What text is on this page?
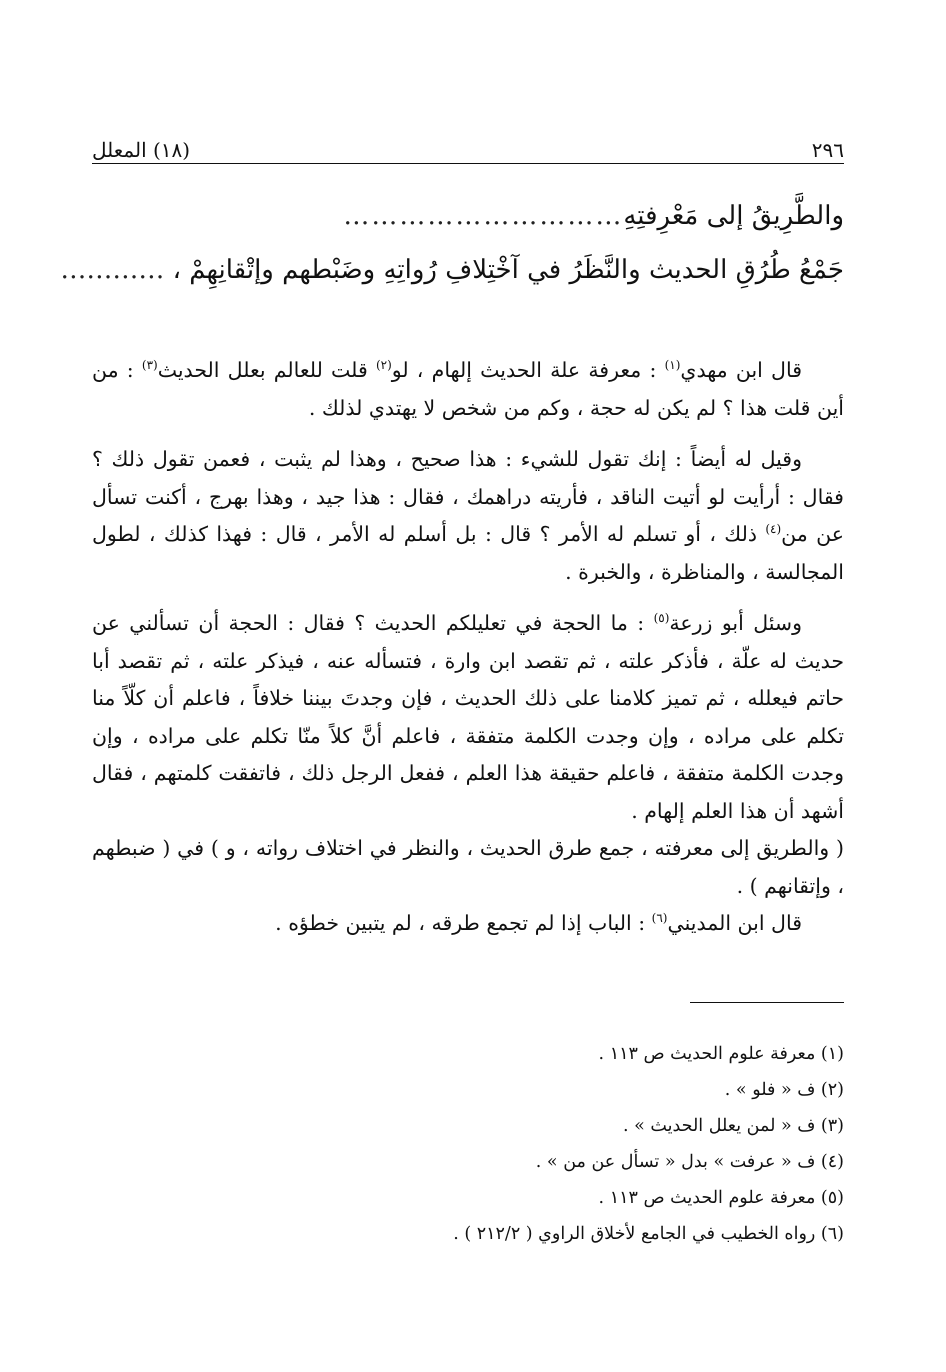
٢٩٦
(١٨) المعلل
والطَّرِيقُ إلى مَعْرِفتِهِ
…………………………
جَمْعُ طُرُقِ الحديث والنَّظَرُ في آخْتِلافِ رُواتِهِ وضَبْطهم وإتْقانِهِمْ ، …………

قال ابن مهدي$^{(١)}$ : معرفة علة الحديث إلهام ، لو$^{(٢)}$ قلت للعالم بعلل الحديث$^{(٣)}$ : من أين قلت هذا ؟ لم يكن له حجة ، وكم من شخص لا يهتدي لذلك .

وقيل له أيضاً : إنك تقول للشيء : هذا صحيح ، وهذا لم يثبت ، فعمن تقول ذلك ؟ فقال : أرأيت لو أتيت الناقد ، فأريته دراهمك ، فقال : هذا جيد ، وهذا بهرج ، أكنت تسأل عن من$^{(٤)}$ ذلك ، أو تسلم له الأمر ؟ قال : بل أسلم له الأمر ، قال : فهذا كذلك ، لطول المجالسة ، والمناظرة ، والخبرة .

وسئل أبو زرعة$^{(٥)}$ : ما الحجة في تعليلكم الحديث ؟ فقال : الحجة أن تسألني عن حديث له علّة ، فأذكر علته ، ثم تقصد ابن وارة ، فتسأله عنه ، فيذكر علته ، ثم تقصد أبا حاتم فيعلله ، ثم تميز كلامنا على ذلك الحديث ، فإن وجدتَ بيننا خلافاً ، فاعلم أن كلّاً منا تكلم على مراده ، وإن وجدت الكلمة متفقة ، فاعلم أنَّ كلاً منّا تكلم على مراده ، وإن وجدت الكلمة متفقة ، فاعلم حقيقة هذا العلم ، ففعل الرجل ذلك ، فاتفقت كلمتهم ، فقال أشهد أن هذا العلم إلهام .

( والطريق إلى معرفته ، جمع طرق الحديث ، والنظر في اختلاف رواته ، و ) في ( ضبطهم ، وإتقانهم ) .

قال ابن المديني$^{(٦)}$ : الباب إذا لم تجمع طرقه ، لم يتبين خطؤه .

(١) معرفة علوم الحديث ص ١١٣ .
(٢) ف « فلو » .
(٣) ف « لمن يعلل الحديث » .
(٤) ف « عرفت » بدل « تسأل عن من » .
(٥) معرفة علوم الحديث ص ١١٣ .
(٦) رواه الخطيب في الجامع لأخلاق الراوي ( ٢١٢/٢ ) .
